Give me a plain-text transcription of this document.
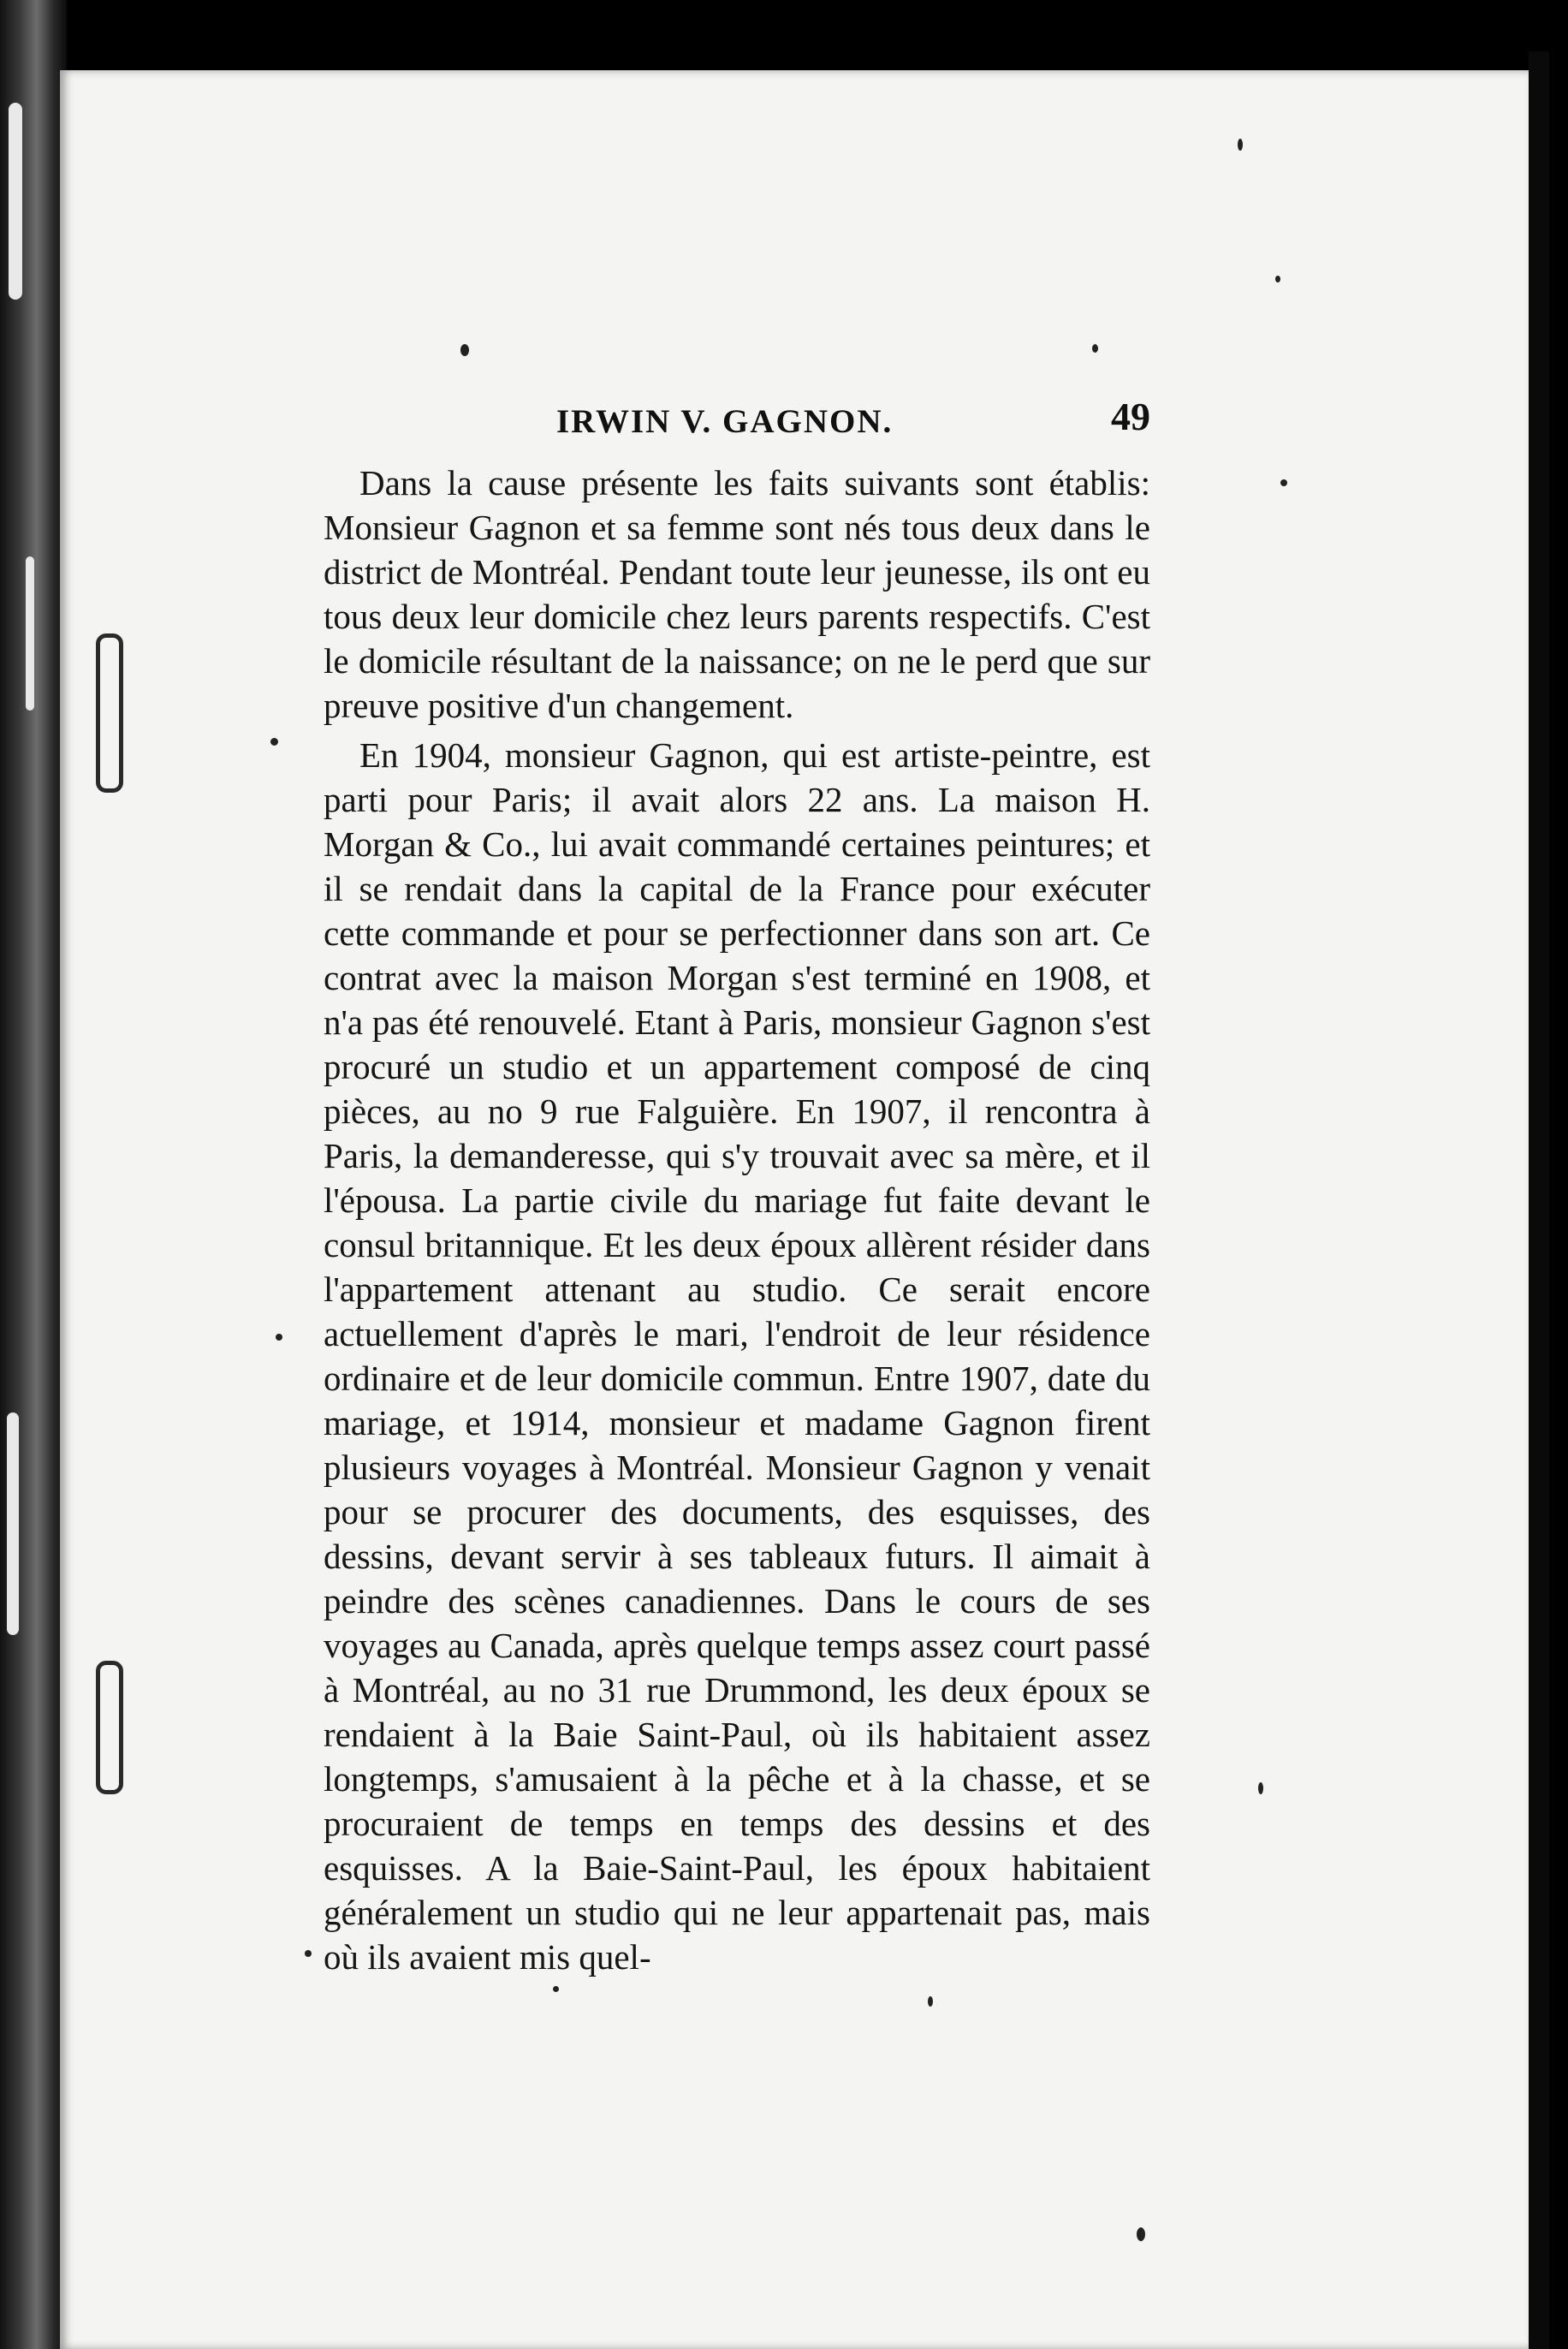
IRWIN V. GAGNON.	49

Dans la cause présente les faits suivants sont établis: Monsieur Gagnon et sa femme sont nés tous deux dans le district de Montréal. Pendant toute leur jeunesse, ils ont eu tous deux leur domicile chez leurs parents respectifs. C'est le domicile résultant de la naissance; on ne le perd que sur preuve positive d'un changement.

En 1904, monsieur Gagnon, qui est artiste-peintre, est parti pour Paris; il avait alors 22 ans. La maison H. Morgan & Co., lui avait commandé certaines peintures; et il se rendait dans la capital de la France pour exécuter cette commande et pour se perfectionner dans son art. Ce contrat avec la maison Morgan s'est terminé en 1908, et n'a pas été renouvelé. Etant à Paris, monsieur Gagnon s'est procuré un studio et un appartement composé de cinq pièces, au no 9 rue Falguière. En 1907, il rencontra à Paris, la demanderesse, qui s'y trouvait avec sa mère, et il l'épousa. La partie civile du mariage fut faite devant le consul britannique. Et les deux époux allèrent résider dans l'appartement attenant au studio. Ce serait encore actuellement d'après le mari, l'endroit de leur résidence ordinaire et de leur domicile commun. Entre 1907, date du mariage, et 1914, monsieur et madame Gagnon firent plusieurs voyages à Montréal. Monsieur Gagnon y venait pour se procurer des documents, des esquisses, des dessins, devant servir à ses tableaux futurs. Il aimait à peindre des scènes canadiennes. Dans le cours de ses voyages au Canada, après quelque temps assez court passé à Montréal, au no 31 rue Drummond, les deux époux se rendaient à la Baie Saint-Paul, où ils habitaient assez longtemps, s'amusaient à la pêche et à la chasse, et se procuraient de temps en temps des dessins et des esquisses. A la Baie-Saint-Paul, les époux habitaient généralement un studio qui ne leur appartenait pas, mais où ils avaient mis quel-
